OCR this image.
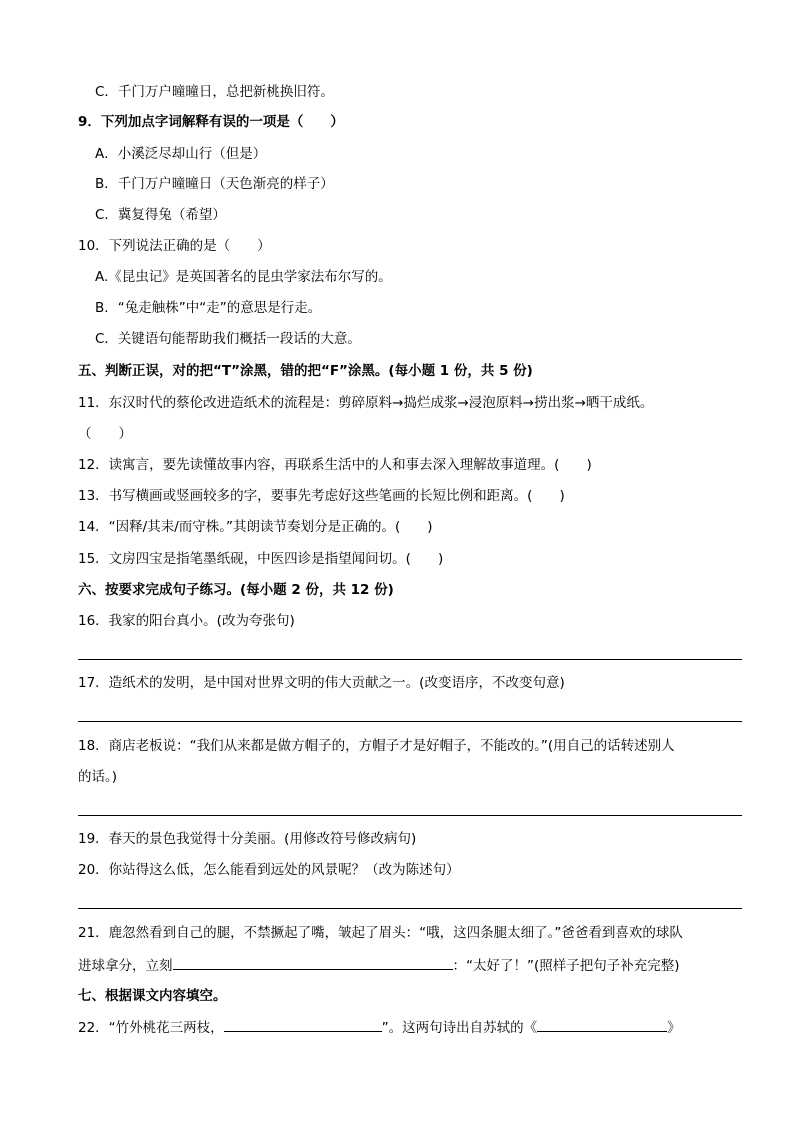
C．千门万户曈曈日，总把新桃换旧符。
9．下列加点字词解释有误的一项是（　　）
A．小溪泛尽却山行（但是）
B．千门万户曈曈日（天色渐亮的样子）
C．冀复得兔（希望）
10．下列说法正确的是（　　）
A.《昆虫记》是英国著名的昆虫学家法布尔写的。
B．“兔走触株”中“走”的意思是行走。
C．关键语句能帮助我们概括一段话的大意。
五、判断正误，对的把“T”涂黑，错的把“F”涂黑。(每小题 1 份，共 5 份)
11．东汉时代的蔡伦改进造纸术的流程是：剪碎原料→捣烂成浆→浸泡原料→捞出浆→晒干成纸。
（　　）
12．读寓言，要先读懂故事内容，再联系生活中的人和事去深入理解故事道理。(　　)
13．书写横画或竖画较多的字，要事先考虑好这些笔画的长短比例和距离。(　　)
14．“因释/其耒/而守株。”其朗读节奏划分是正确的。(　　)
15．文房四宝是指笔墨纸砚，中医四诊是指望闻问切。(　　)
六、按要求完成句子练习。(每小题 2 份，共 12 份)
16．我家的阳台真小。(改为夸张句)
17．造纸术的发明，是中国对世界文明的伟大贡献之一。(改变语序，不改变句意)
18．商店老板说：“我们从来都是做方帽子的，方帽子才是好帽子，不能改的。”(用自己的话转述别人
的话。)
19．春天的景色我觉得十分美丽。(用修改符号修改病句)
20．你站得这么低，怎么能看到远处的风景呢？（改为陈述句）
21．鹿忽然看到自己的腿，不禁撅起了嘴，皱起了眉头：“哦，这四条腿太细了。”爸爸看到喜欢的球队
进球拿分，立刻	：“太好了！”(照样子把句子补充完整)
七、根据课文内容填空。
22．“竹外桃花三两枝，	”。这两句诗出自苏轼的《	》
